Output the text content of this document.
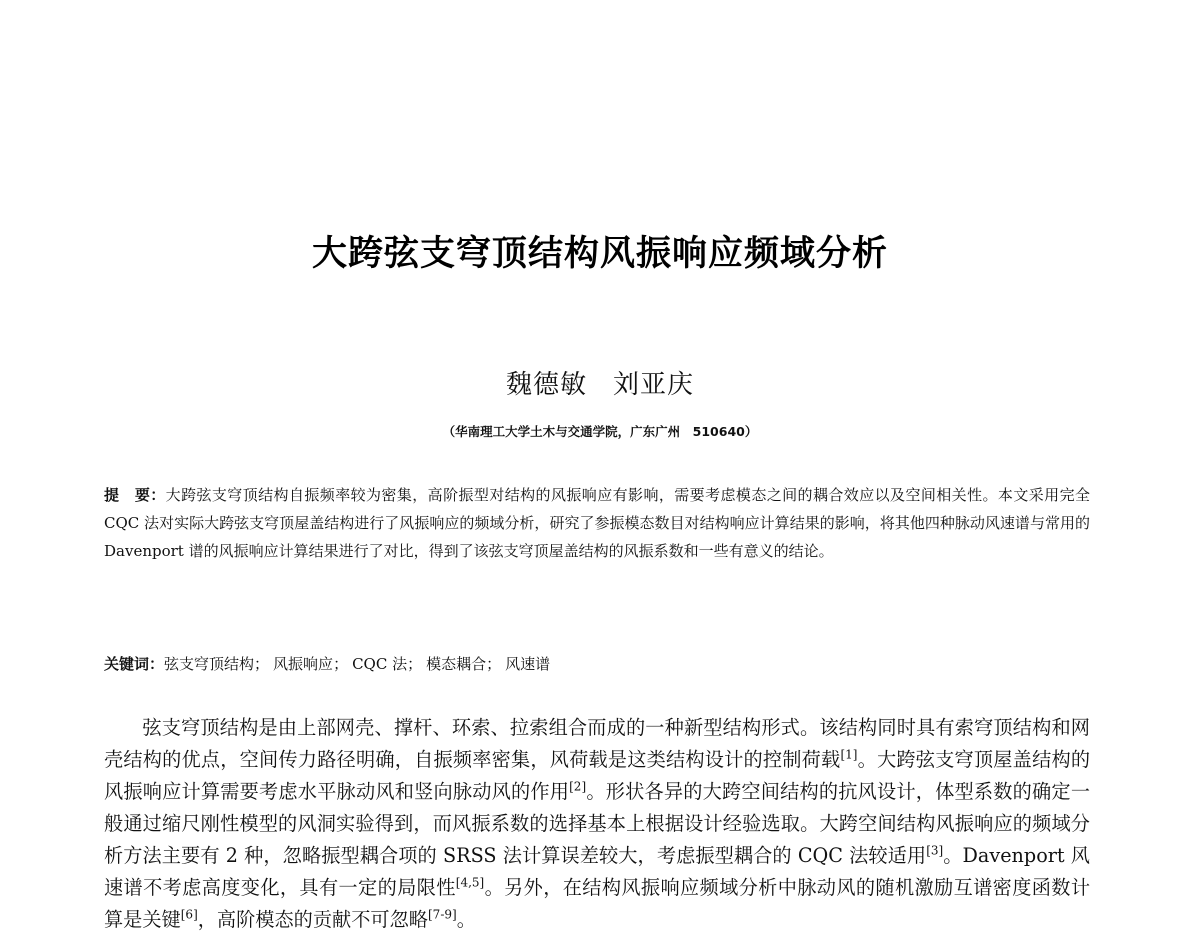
大跨弦支穹顶结构风振响应频域分析
魏德敏 刘亚庆
（华南理工大学土木与交通学院，广东广州　510640）
提　要：大跨弦支穹顶结构自振频率较为密集，高阶振型对结构的风振响应有影响，需要考虑模态之间的耦合效应以及空间相关性。本文采用完全 CQC 法对实际大跨弦支穹顶屋盖结构进行了风振响应的频域分析，研究了参振模态数目对结构响应计算结果的影响，将其他四种脉动风速谱与常用的 Davenport 谱的风振响应计算结果进行了对比，得到了该弦支穹顶屋盖结构的风振系数和一些有意义的结论。
关键词：弦支穹顶结构； 风振响应； CQC 法； 模态耦合； 风速谱
弦支穹顶结构是由上部网壳、撑杆、环索、拉索组合而成的一种新型结构形式。该结构同时具有索穹顶结构和网壳结构的优点，空间传力路径明确，自振频率密集，风荷载是这类结构设计的控制荷载[1]。大跨弦支穹顶屋盖结构的风振响应计算需要考虑水平脉动风和竖向脉动风的作用[2]。形状各异的大跨空间结构的抗风设计，体型系数的确定一般通过缩尺刚性模型的风洞实验得到，而风振系数的选择基本上根据设计经验选取。大跨空间结构风振响应的频域分析方法主要有 2 种，忽略振型耦合项的 SRSS 法计算误差较大，考虑振型耦合的 CQC 法较适用[3]。Davenport 风速谱不考虑高度变化，具有一定的局限性[4,5]。另外，在结构风振响应频域分析中脉动风的随机激励互谱密度函数计算是关键[6]，高阶模态的贡献不可忽略[7-9]。
